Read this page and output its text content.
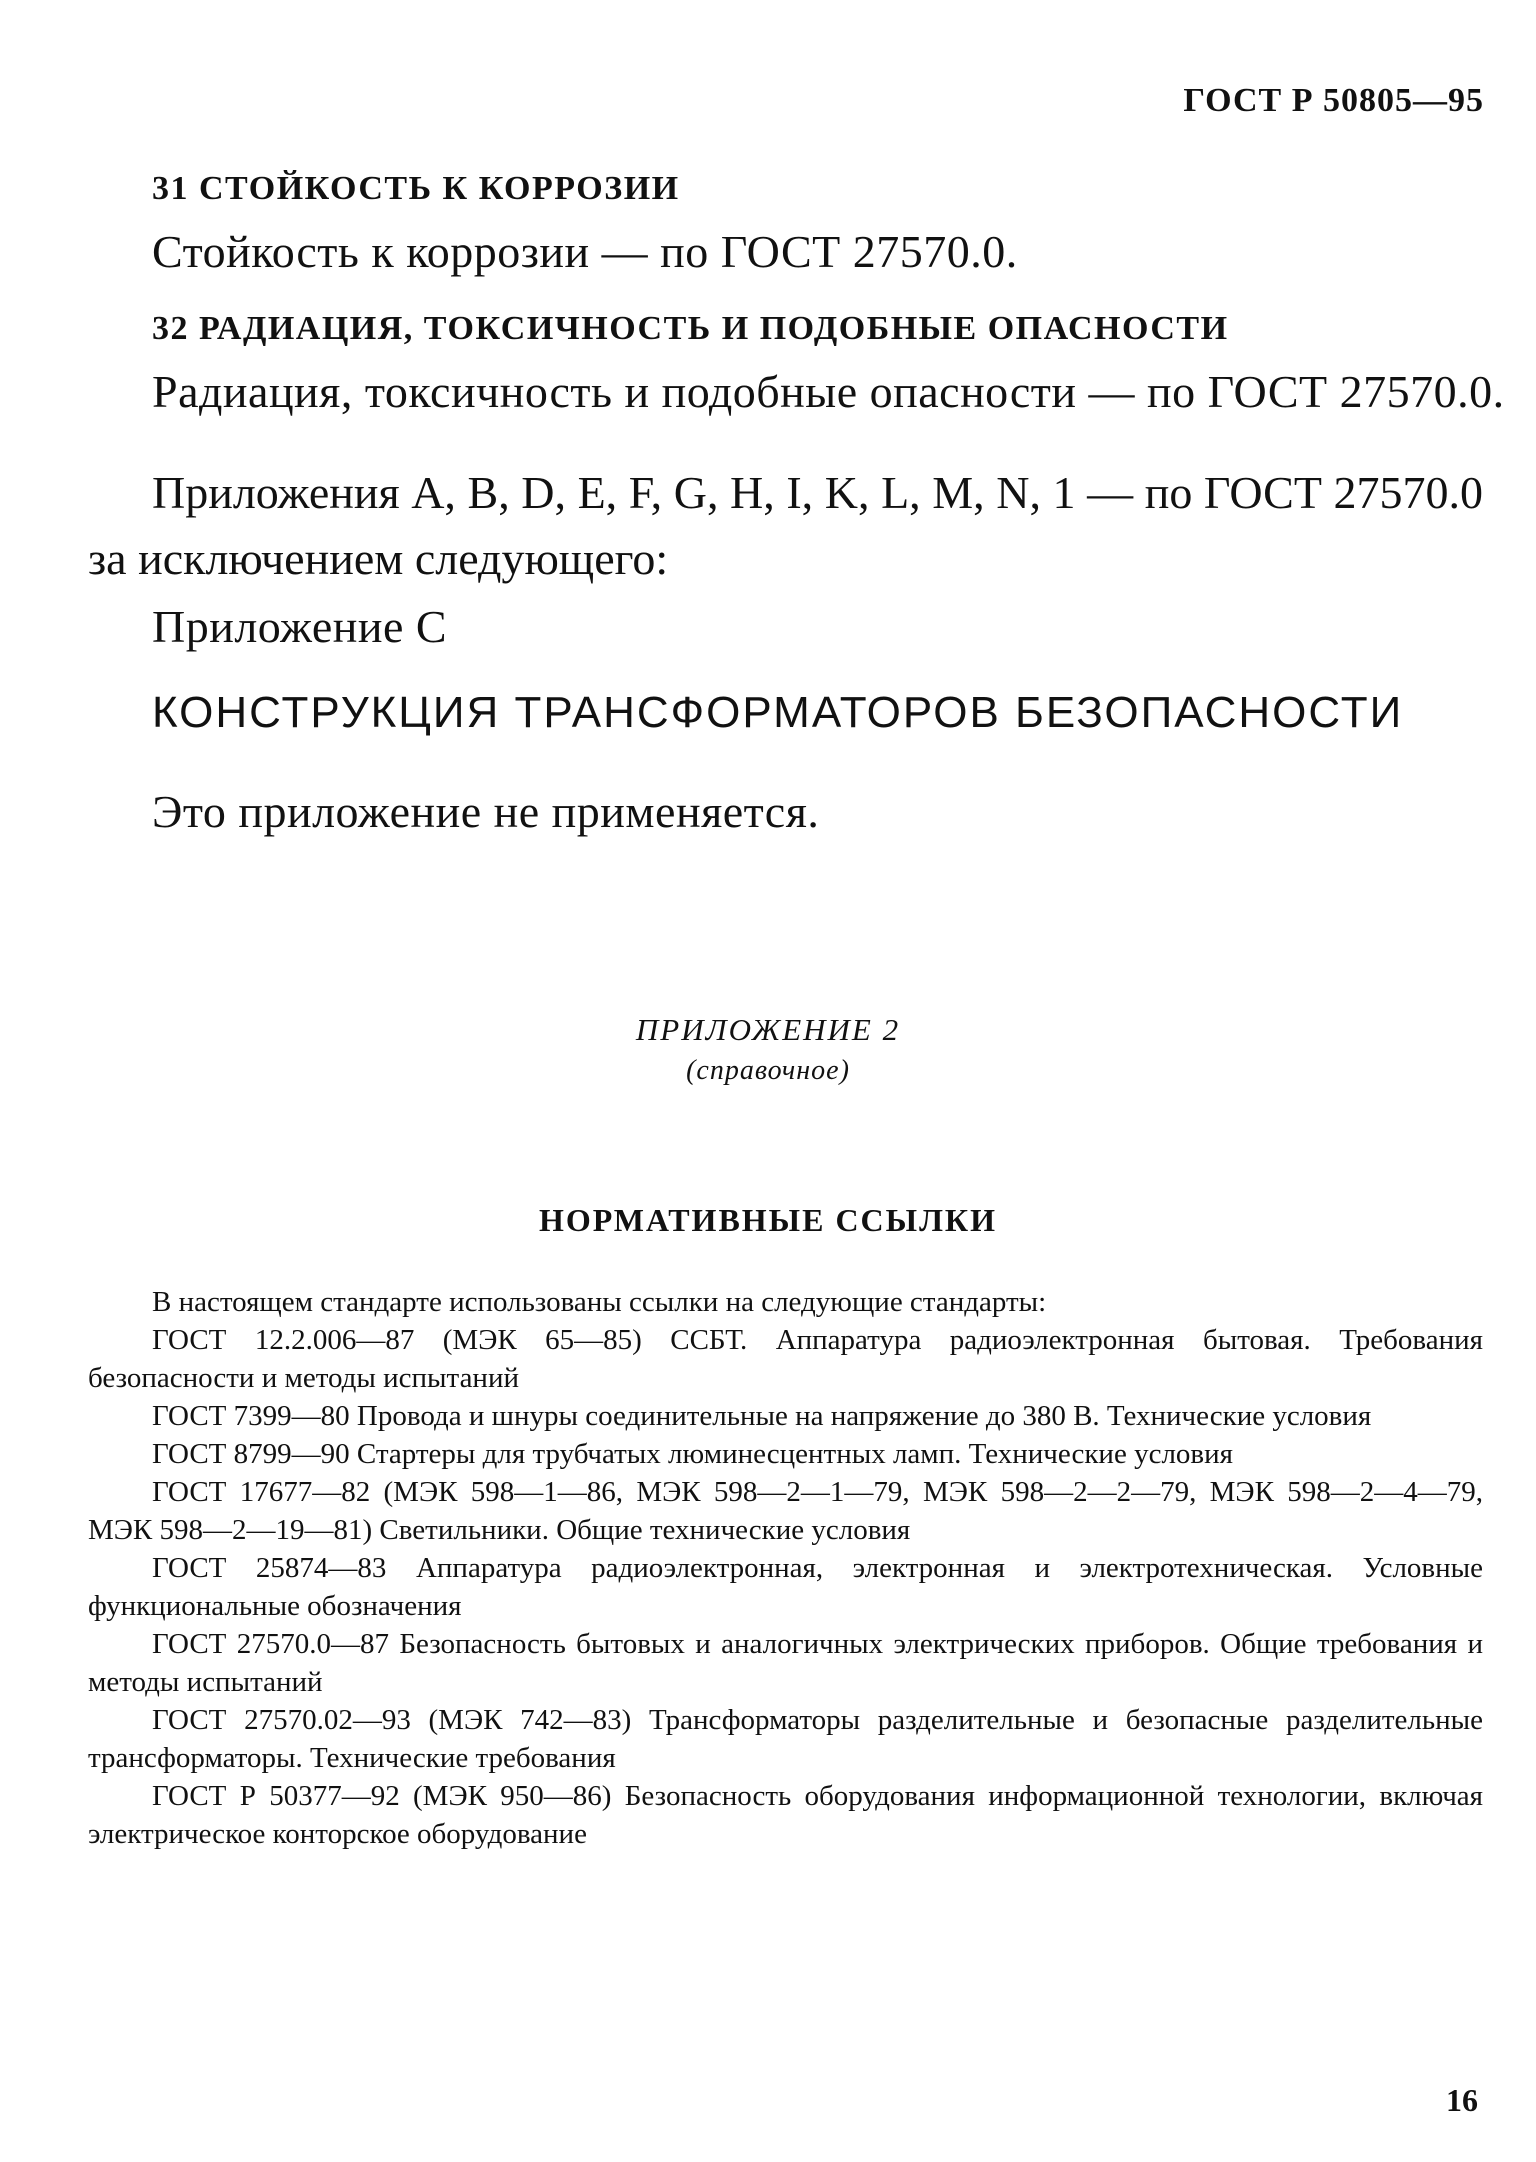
ГОСТ Р 50805—95
31 СТОЙКОСТЬ К КОРРОЗИИ
Стойкость к коррозии — по ГОСТ 27570.0.
32 РАДИАЦИЯ, ТОКСИЧНОСТЬ И ПОДОБНЫЕ ОПАСНОСТИ
Радиация, токсичность и подобные опасности — по ГОСТ 27570.0.
Приложения A, B, D, E, F, G, H, I, K, L, M, N, 1 — по ГОСТ 27570.0 за исключением следующего:
Приложение C
КОНСТРУКЦИЯ ТРАНСФОРМАТОРОВ БЕЗОПАСНОСТИ
Это приложение не применяется.
ПРИЛОЖЕНИЕ 2
(справочное)
НОРМАТИВНЫЕ ССЫЛКИ

В настоящем стандарте использованы ссылки на следующие стандарты:

ГОСТ 12.2.006—87 (МЭК 65—85) ССБТ. Аппаратура радиоэлектронная бытовая. Требования безопасности и методы испытаний

ГОСТ 7399—80 Провода и шнуры соединительные на напряжение до 380 В. Технические условия

ГОСТ 8799—90 Стартеры для трубчатых люминесцентных ламп. Технические условия

ГОСТ 17677—82 (МЭК 598—1—86, МЭК 598—2—1—79, МЭК 598—2—2—79, МЭК 598—2—4—79, МЭК 598—2—19—81) Светильники. Общие технические условия

ГОСТ 25874—83 Аппаратура радиоэлектронная, электронная и электротехническая. Условные функциональные обозначения

ГОСТ 27570.0—87 Безопасность бытовых и аналогичных электрических приборов. Общие требования и методы испытаний

ГОСТ 27570.02—93 (МЭК 742—83) Трансформаторы разделительные и безопасные разделительные трансформаторы. Технические требования

ГОСТ Р 50377—92 (МЭК 950—86) Безопасность оборудования информационной технологии, включая электрическое конторское оборудование

16
